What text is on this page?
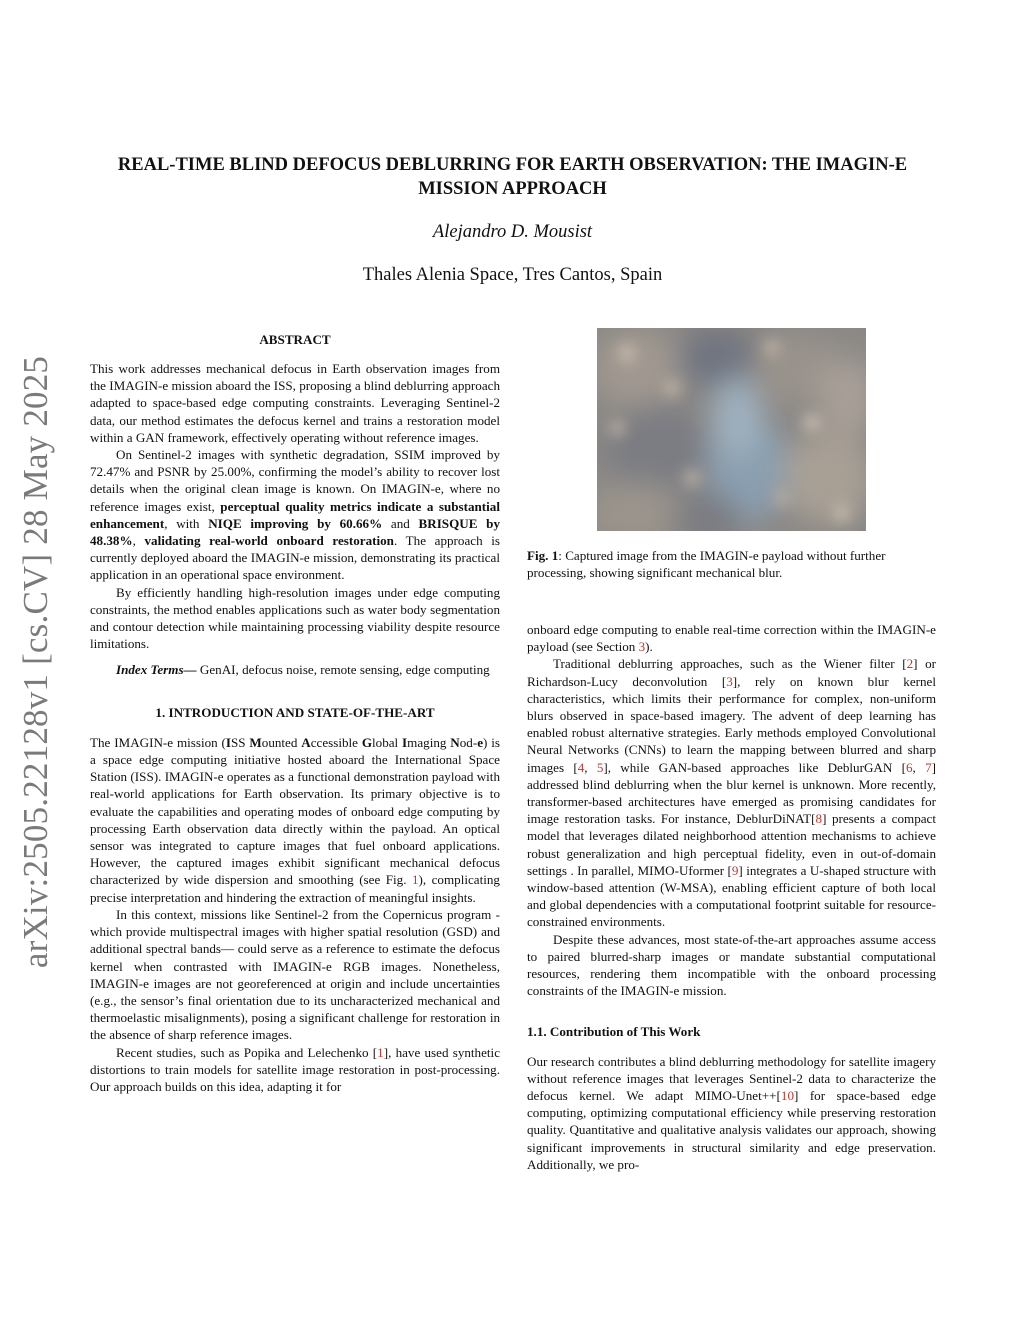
arXiv:2505.22128v1 [cs.CV] 28 May 2025
REAL-TIME BLIND DEFOCUS DEBLURRING FOR EARTH OBSERVATION: THE IMAGIN-E MISSION APPROACH
Alejandro D. Mousist
Thales Alenia Space, Tres Cantos, Spain
ABSTRACT

This work addresses mechanical defocus in Earth observation images from the IMAGIN-e mission aboard the ISS, proposing a blind deblurring approach adapted to space-based edge computing constraints. Leveraging Sentinel-2 data, our method estimates the defocus kernel and trains a restoration model within a GAN framework, effectively operating without reference images.

On Sentinel-2 images with synthetic degradation, SSIM improved by 72.47% and PSNR by 25.00%, confirming the model’s ability to recover lost details when the original clean image is known. On IMAGIN-e, where no reference images exist, perceptual quality metrics indicate a substantial enhancement, with NIQE improving by 60.66% and BRISQUE by 48.38%, validating real-world onboard restoration. The approach is currently deployed aboard the IMAGIN-e mission, demonstrating its practical application in an operational space environment.

By efficiently handling high-resolution images under edge computing constraints, the method enables applications such as water body segmentation and contour detection while maintaining processing viability despite resource limitations.

Index Terms— GenAI, defocus noise, remote sensing, edge computing

1. INTRODUCTION AND STATE-OF-THE-ART

The IMAGIN-e mission (ISS Mounted Accessible Global Imaging Nod-e) is a space edge computing initiative hosted aboard the International Space Station (ISS). IMAGIN-e operates as a functional demonstration payload with real-world applications for Earth observation. Its primary objective is to evaluate the capabilities and operating modes of onboard edge computing by processing Earth observation data directly within the payload. An optical sensor was integrated to capture images that fuel onboard applications. However, the captured images exhibit significant mechanical defocus characterized by wide dispersion and smoothing (see Fig. 1), complicating precise interpretation and hindering the extraction of meaningful insights.

In this context, missions like Sentinel-2 from the Copernicus program -which provide multispectral images with higher spatial resolution (GSD) and additional spectral bands— could serve as a reference to estimate the defocus kernel when contrasted with IMAGIN-e RGB images. Nonetheless, IMAGIN-e images are not georeferenced at origin and include uncertainties (e.g., the sensor’s final orientation due to its uncharacterized mechanical and thermoelastic misalignments), posing a significant challenge for restoration in the absence of sharp reference images.

Recent studies, such as Popika and Lelechenko [1], have used synthetic distortions to train models for satellite image restoration in post-processing. Our approach builds on this idea, adapting it for

Fig. 1: Captured image from the IMAGIN-e payload without further processing, showing significant mechanical blur.

onboard edge computing to enable real-time correction within the IMAGIN-e payload (see Section 3).

Traditional deblurring approaches, such as the Wiener filter [2] or Richardson-Lucy deconvolution [3], rely on known blur kernel characteristics, which limits their performance for complex, non-uniform blurs observed in space-based imagery. The advent of deep learning has enabled robust alternative strategies. Early methods employed Convolutional Neural Networks (CNNs) to learn the mapping between blurred and sharp images [4, 5], while GAN-based approaches like DeblurGAN [6, 7] addressed blind deblurring when the blur kernel is unknown. More recently, transformer-based architectures have emerged as promising candidates for image restoration tasks. For instance, DeblurDiNAT[8] presents a compact model that leverages dilated neighborhood attention mechanisms to achieve robust generalization and high perceptual fidelity, even in out-of-domain settings . In parallel, MIMO-Uformer [9] integrates a U-shaped structure with window-based attention (W-MSA), enabling efficient capture of both local and global dependencies with a computational footprint suitable for resource-constrained environments.

Despite these advances, most state-of-the-art approaches assume access to paired blurred-sharp images or mandate substantial computational resources, rendering them incompatible with the onboard processing constraints of the IMAGIN-e mission.

1.1. Contribution of This Work

Our research contributes a blind deblurring methodology for satellite imagery without reference images that leverages Sentinel-2 data to characterize the defocus kernel. We adapt MIMO-Unet++[10] for space-based edge computing, optimizing computational efficiency while preserving restoration quality. Quantitative and qualitative analysis validates our approach, showing significant improvements in structural similarity and edge preservation. Additionally, we pro-
